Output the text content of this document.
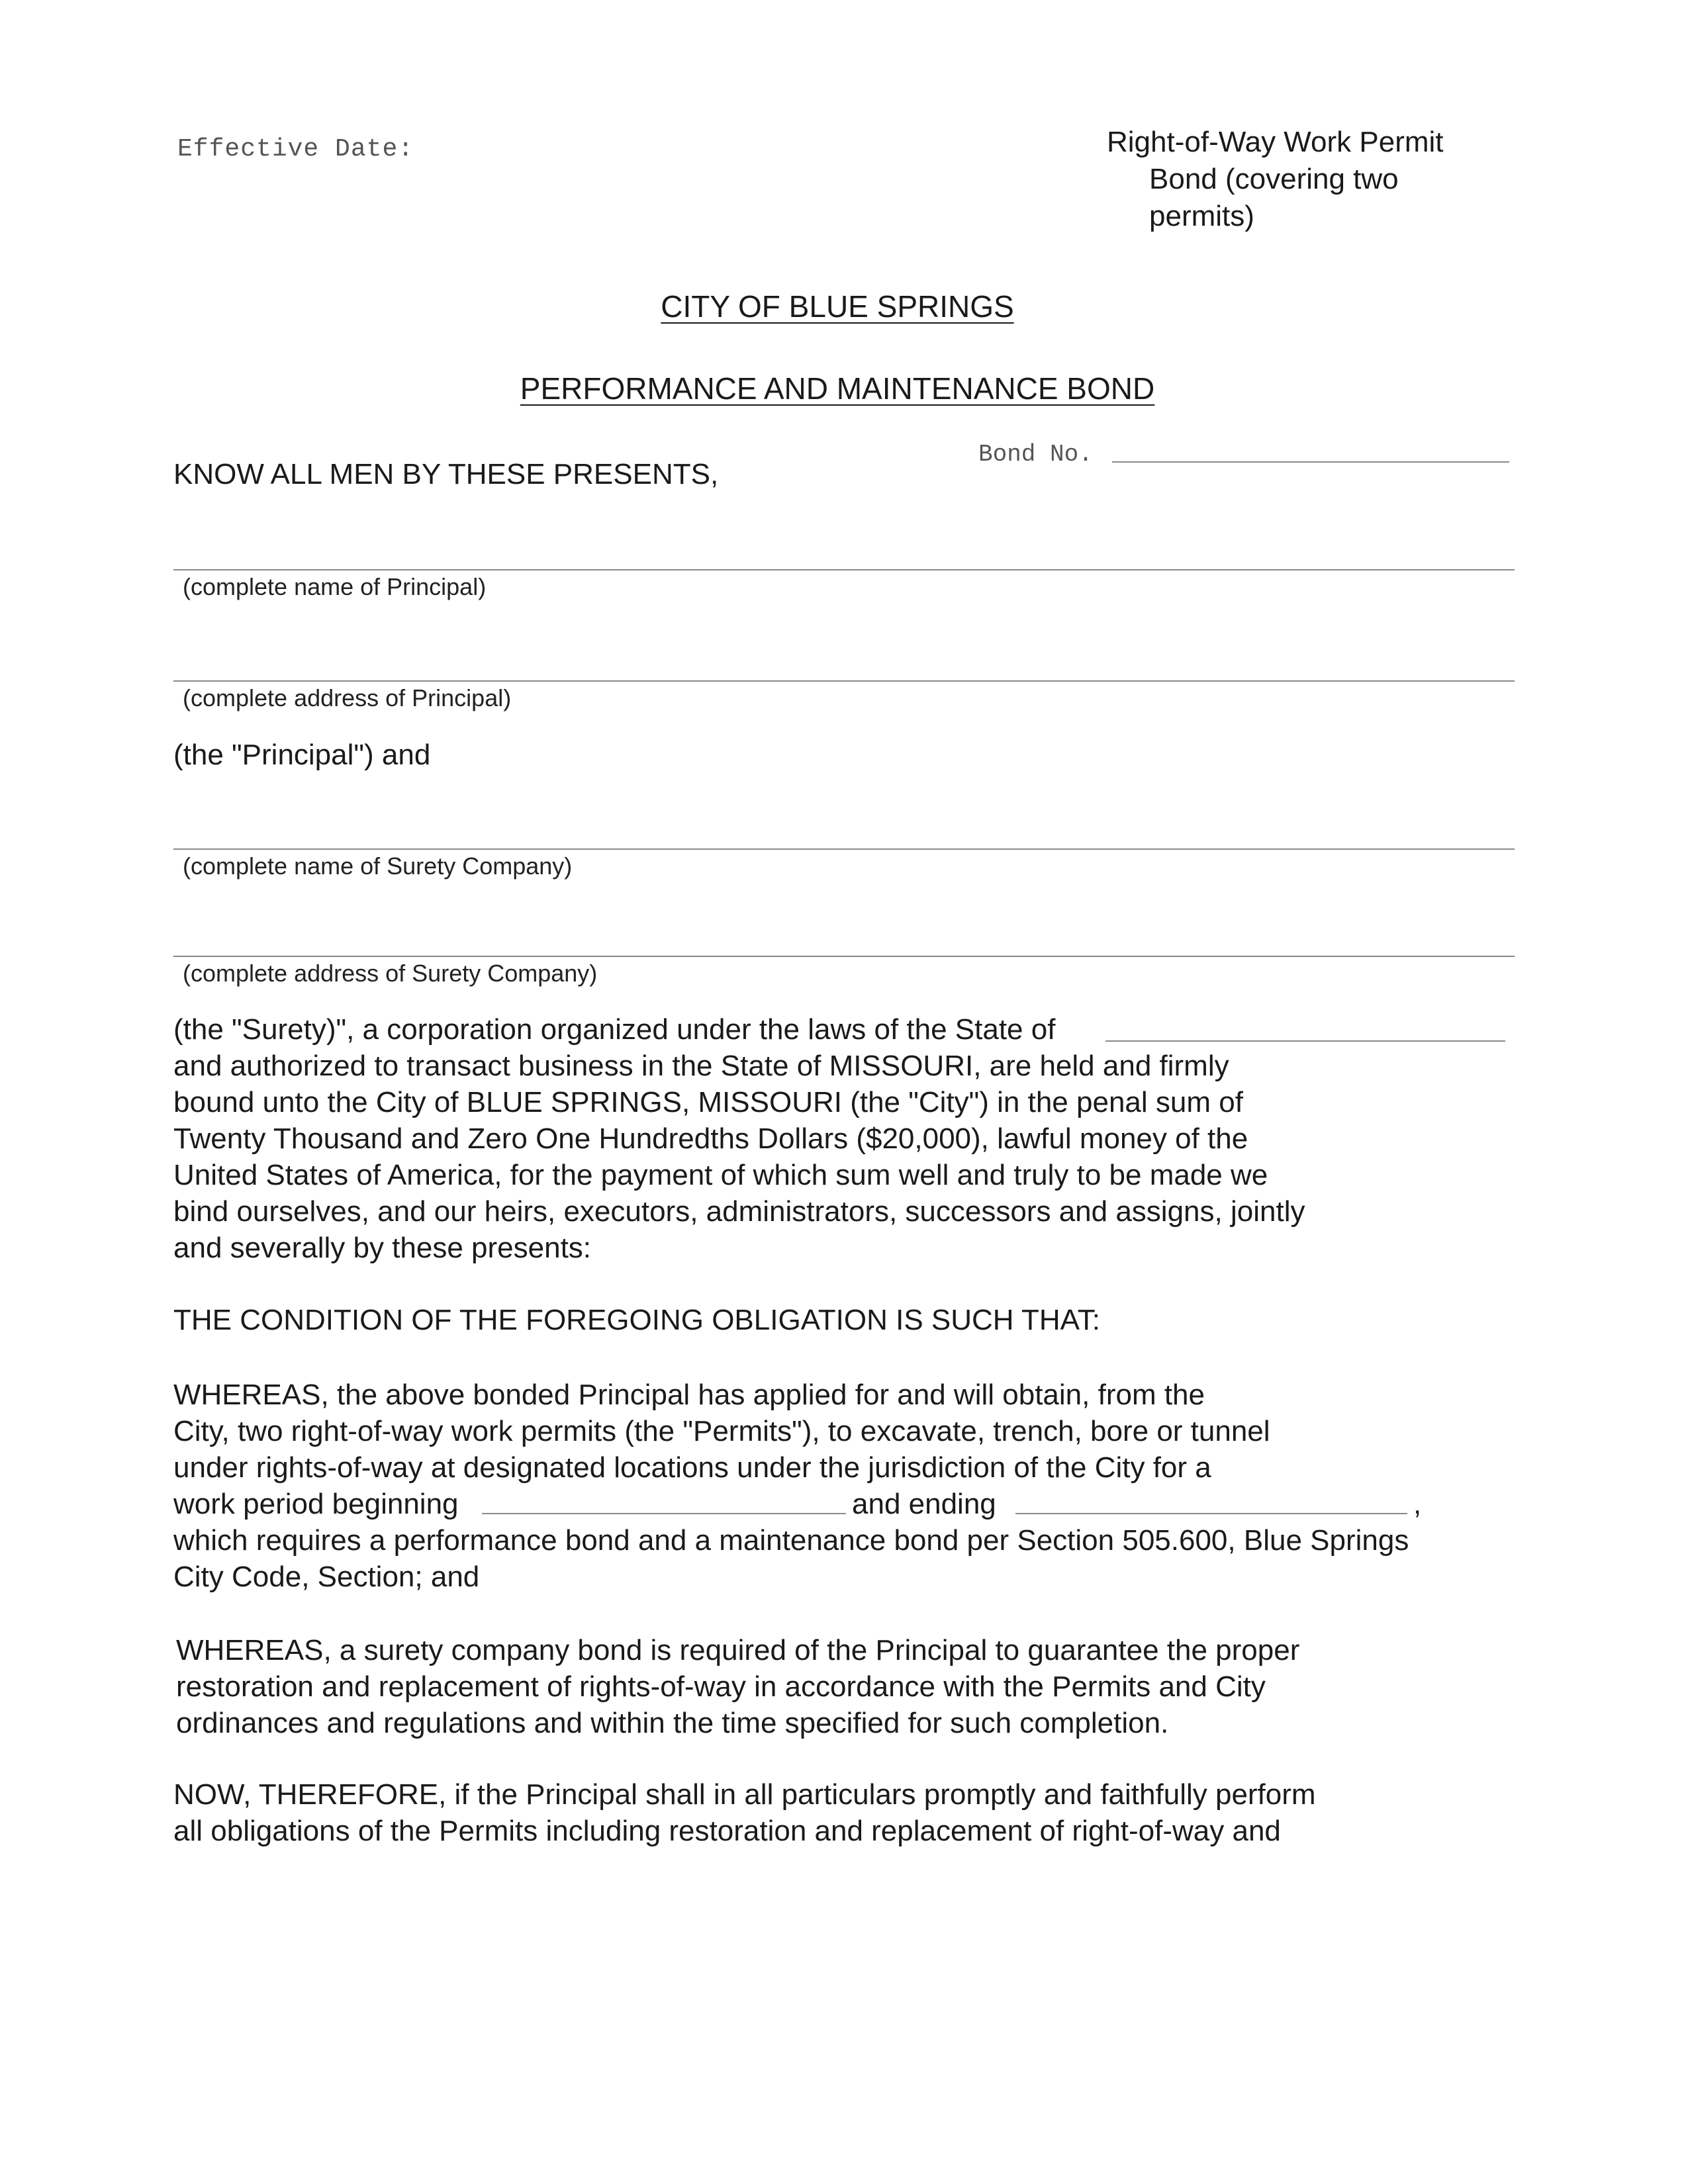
Effective Date:	Right-of-Way Work Permit
Bond (covering two
permits)
CITY OF BLUE SPRINGS
PERFORMANCE AND MAINTENANCE BOND
Bond No.
KNOW ALL MEN BY THESE PRESENTS,
(complete name of Principal)
(complete address of Principal)
(the "Principal") and
(complete name of Surety Company)
(complete address of Surety Company)
(the "Surety)", a corporation organized under the laws of the State of
and authorized to transact business in the State of MISSOURI, are held and firmly
bound unto the City of BLUE SPRINGS, MISSOURI (the "City") in the penal sum of
Twenty Thousand and Zero One Hundredths Dollars ($20,000), lawful money of the
United States of America, for the payment of which sum well and truly to be made we
bind ourselves, and our heirs, executors, administrators, successors and assigns, jointly
and severally by these presents:
THE CONDITION OF THE FOREGOING OBLIGATION IS SUCH THAT:
WHEREAS, the above bonded Principal has applied for and will obtain, from the
City, two right-of-way work permits (the "Permits"), to excavate, trench, bore or tunnel
under rights-of-way at designated locations under the jurisdiction of the City for a
work period beginning	and ending	,
which requires a performance bond and a maintenance bond per Section 505.600, Blue Springs
City Code, Section; and
WHEREAS, a surety company bond is required of the Principal to guarantee the proper
restoration and replacement of rights-of-way in accordance with the Permits and City
ordinances and regulations and within the time specified for such completion.
NOW, THEREFORE, if the Principal shall in all particulars promptly and faithfully perform
all obligations of the Permits including restoration and replacement of right-of-way and
